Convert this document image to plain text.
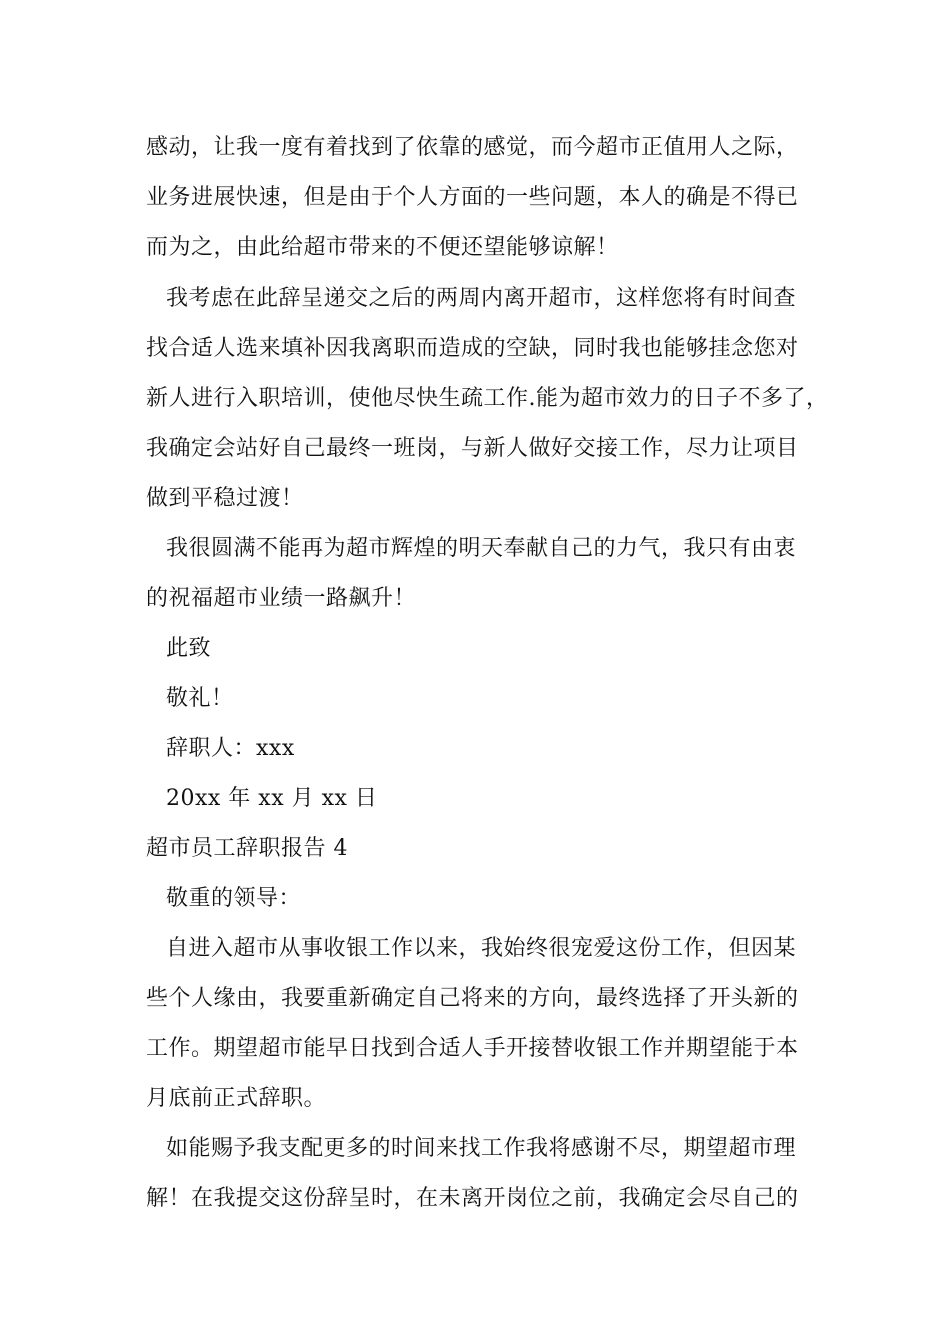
感动，让我一度有着找到了依靠的感觉，而今超市正值用人之际，
业务进展快速，但是由于个人方面的一些问题，本人的确是不得已
而为之，由此给超市带来的不便还望能够谅解！
我考虑在此辞呈递交之后的两周内离开超市，这样您将有时间查
找合适人选来填补因我离职而造成的空缺，同时我也能够挂念您对
新人进行入职培训，使他尽快生疏工作.能为超市效力的日子不多了，
我确定会站好自己最终一班岗，与新人做好交接工作，尽力让项目
做到平稳过渡！
我很圆满不能再为超市辉煌的明天奉献自己的力气，我只有由衷
的祝福超市业绩一路飙升！
此致
敬礼！
辞职人：xxx
20xx 年 xx 月 xx 日
超市员工辞职报告 4
敬重的领导：
自进入超市从事收银工作以来，我始终很宠爱这份工作，但因某
些个人缘由，我要重新确定自己将来的方向，最终选择了开头新的
工作。期望超市能早日找到合适人手开接替收银工作并期望能于本
月底前正式辞职。
如能赐予我支配更多的时间来找工作我将感谢不尽，期望超市理
解！在我提交这份辞呈时，在未离开岗位之前，我确定会尽自己的
